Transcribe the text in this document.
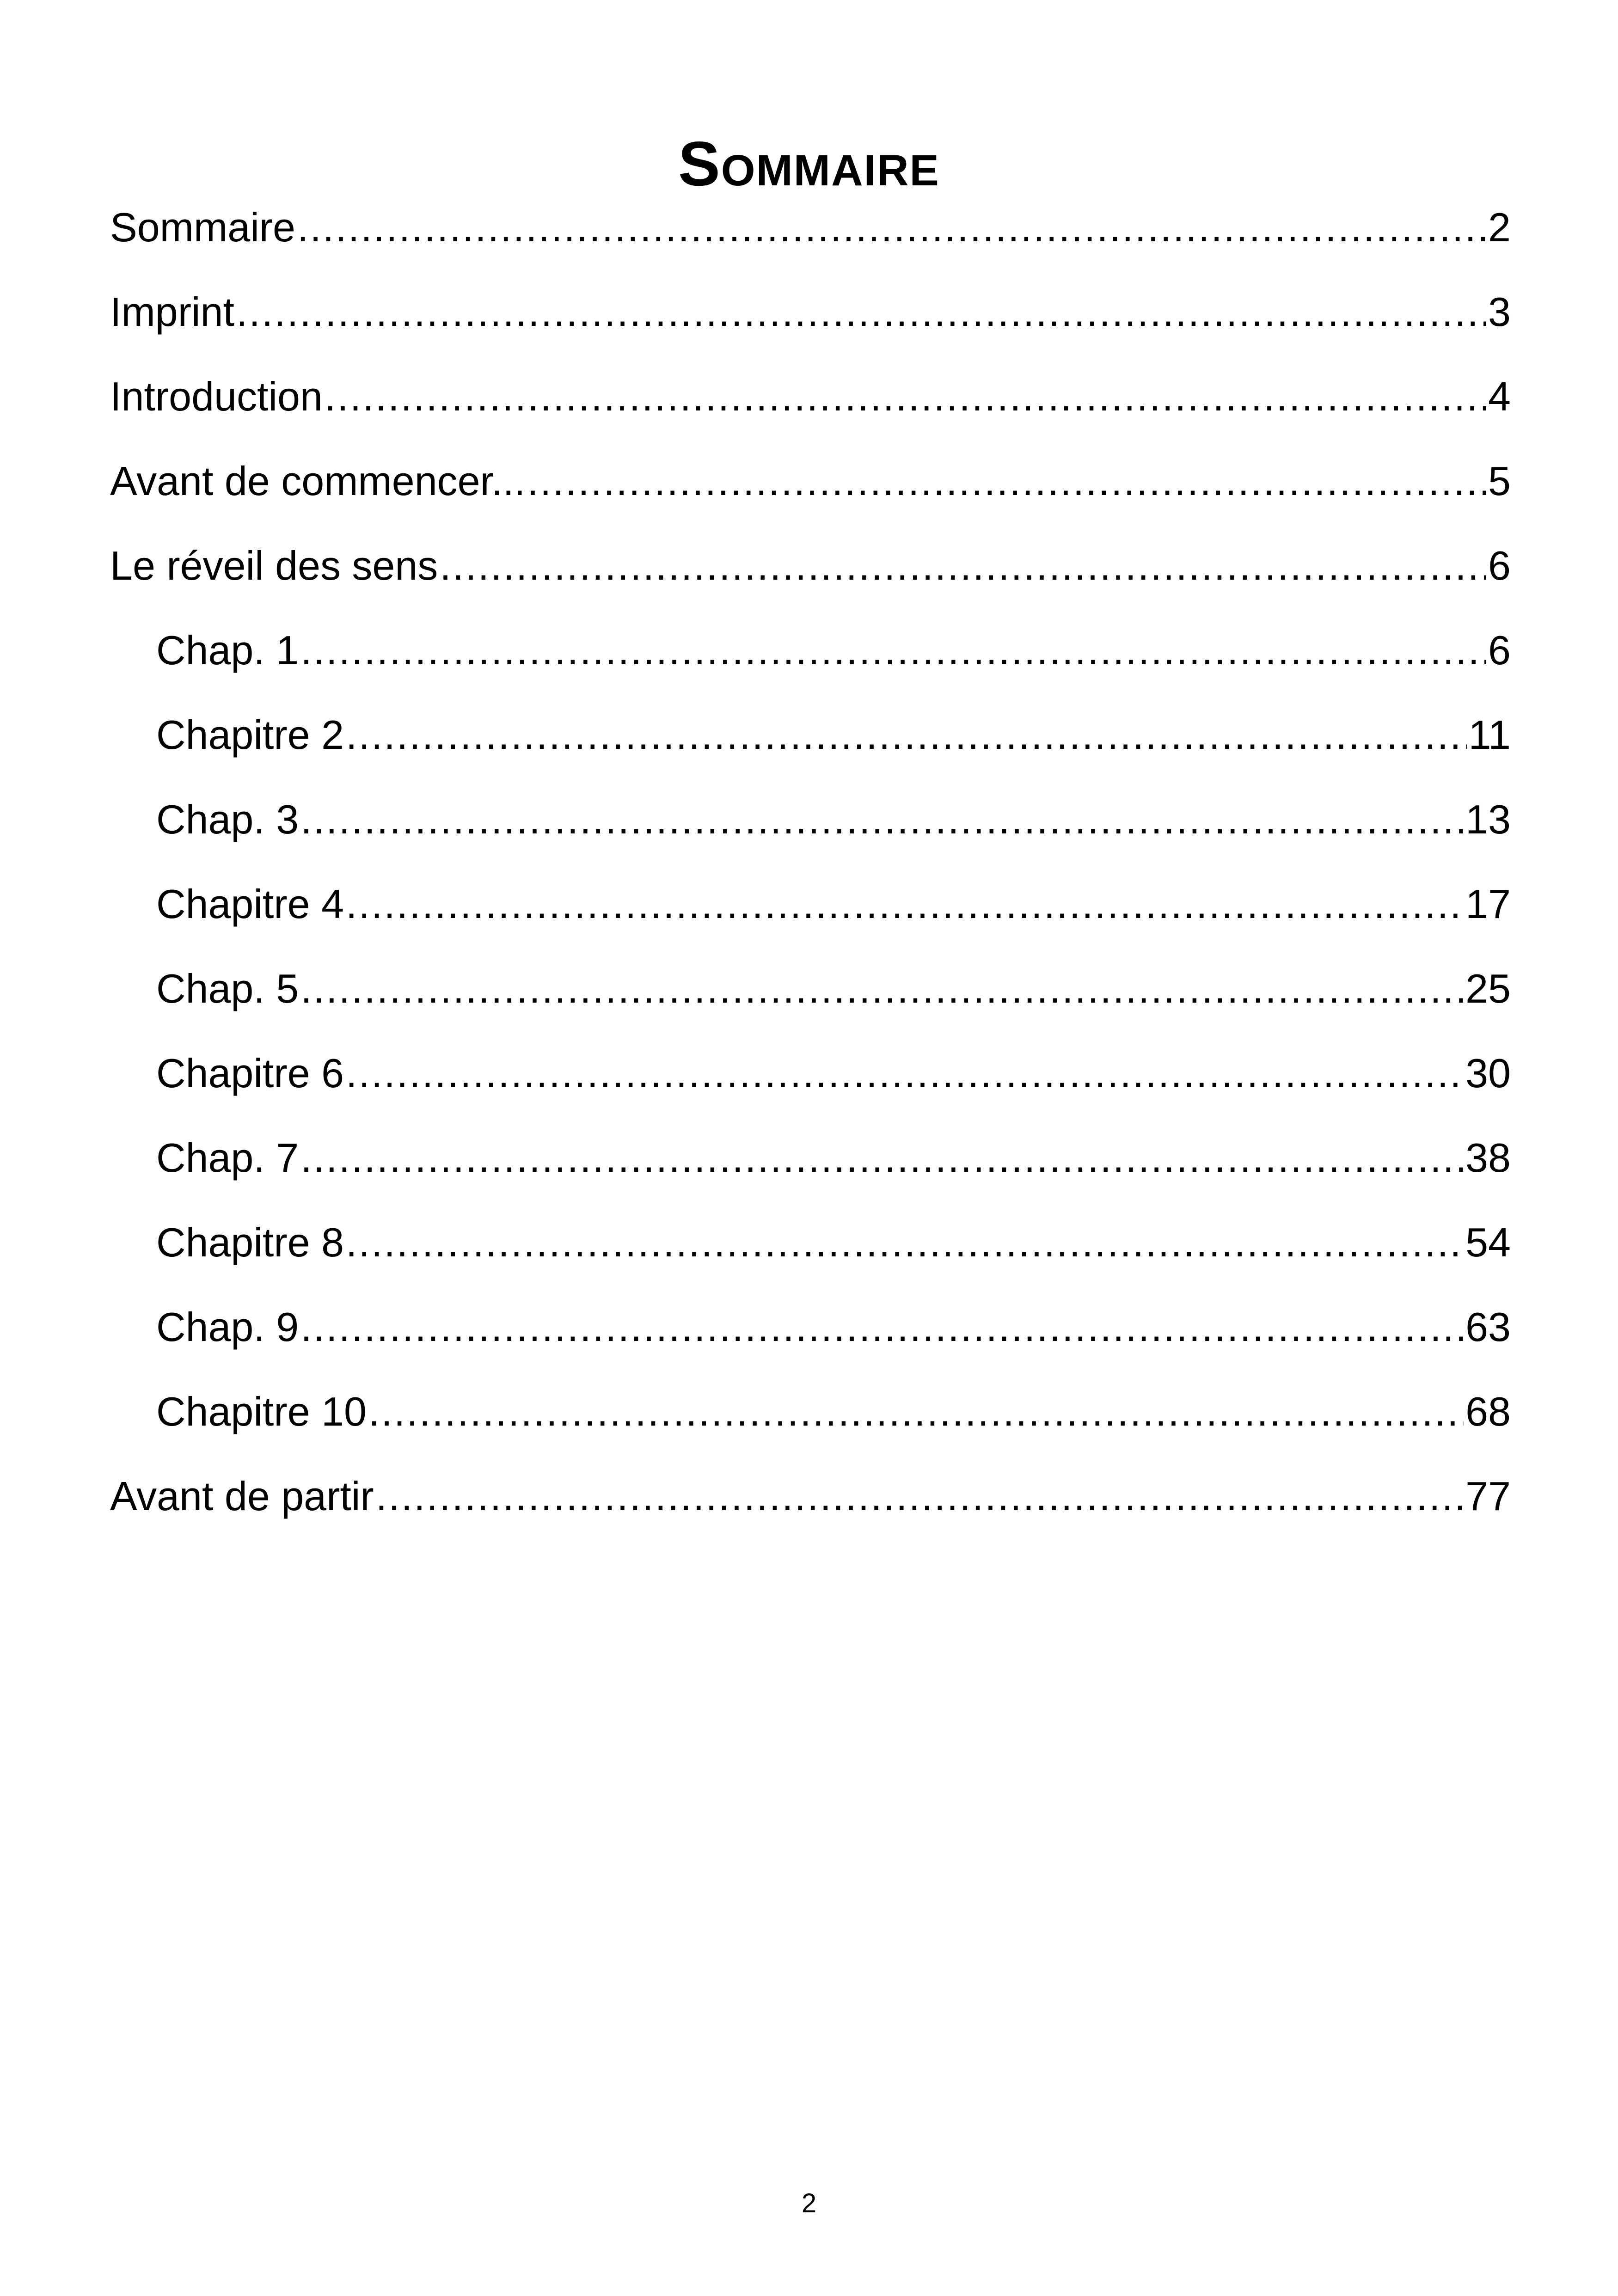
Sommaire
Sommaire .....	2
Imprint .....	3
Introduction .....	4
Avant de commencer... .....	5
Le réveil des sens .....	6
Chap. 1 .....	6
Chapitre 2 .....	11
Chap. 3 .....	13
Chapitre 4 .....	17
Chap. 5 .....	25
Chapitre 6 .....	30
Chap. 7 .....	38
Chapitre 8 .....	54
Chap. 9 .....	63
Chapitre 10 .....	68
Avant de partir .....	77
2
